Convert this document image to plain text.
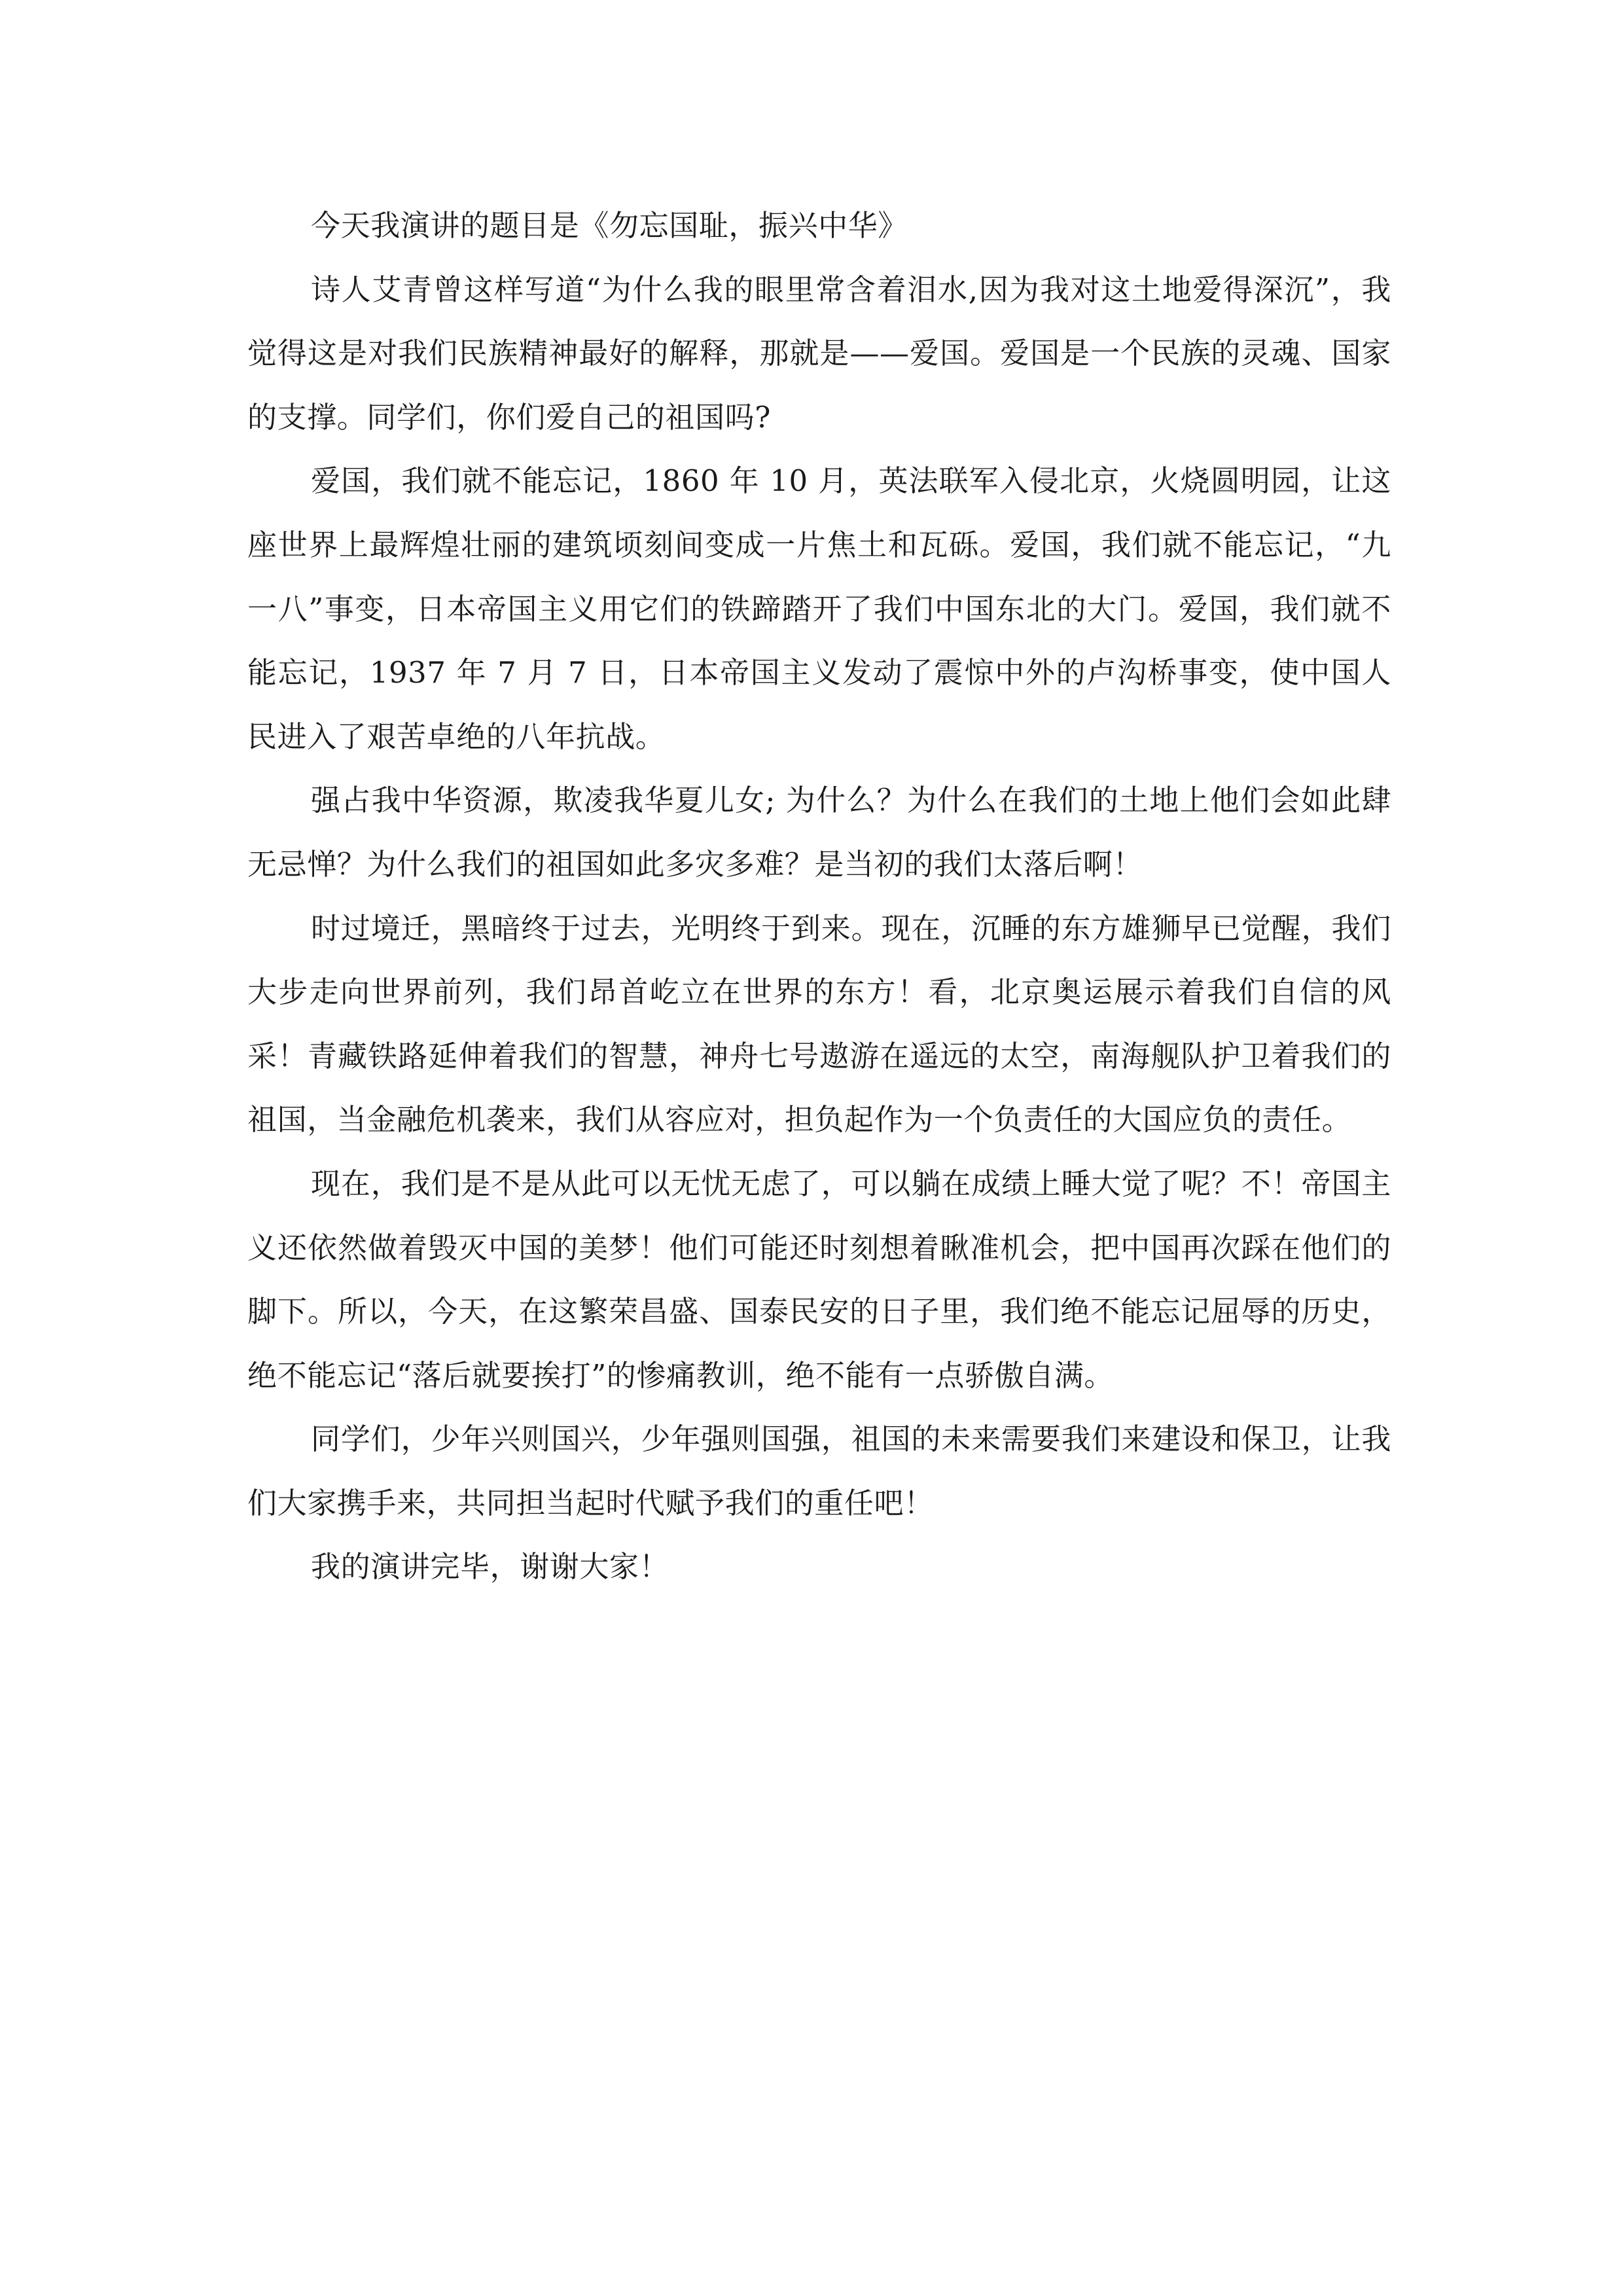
今天我演讲的题目是《勿忘国耻，振兴中华》

诗人艾青曾这样写道“为什么我的眼里常含着泪水,因为我对这土地爱得深沉”，我觉得这是对我们民族精神最好的解释，那就是——爱国。爱国是一个民族的灵魂、国家的支撑。同学们，你们爱自己的祖国吗?

爱国，我们就不能忘记，1860 年 10 月，英法联军入侵北京，火烧圆明园，让这座世界上最辉煌壮丽的建筑顷刻间变成一片焦土和瓦砾。爱国，我们就不能忘记，“九一八”事变，日本帝国主义用它们的铁蹄踏开了我们中国东北的大门。爱国，我们就不能忘记，1937 年 7 月 7 日，日本帝国主义发动了震惊中外的卢沟桥事变，使中国人民进入了艰苦卓绝的八年抗战。

强占我中华资源，欺凌我华夏儿女; 为什么？为什么在我们的土地上他们会如此肆无忌惮？为什么我们的祖国如此多灾多难？是当初的我们太落后啊！

时过境迁，黑暗终于过去，光明终于到来。现在，沉睡的东方雄狮早已觉醒，我们大步走向世界前列，我们昂首屹立在世界的东方！看，北京奥运展示着我们自信的风采！青藏铁路延伸着我们的智慧，神舟七号遨游在遥远的太空，南海舰队护卫着我们的祖国，当金融危机袭来，我们从容应对，担负起作为一个负责任的大国应负的责任。

现在，我们是不是从此可以无忧无虑了，可以躺在成绩上睡大觉了呢？不！帝国主义还依然做着毁灭中国的美梦！他们可能还时刻想着瞅准机会，把中国再次踩在他们的脚下。所以，今天，在这繁荣昌盛、国泰民安的日子里，我们绝不能忘记屈辱的历史，绝不能忘记“落后就要挨打”的惨痛教训，绝不能有一点骄傲自满。

同学们，少年兴则国兴，少年强则国强，祖国的未来需要我们来建设和保卫，让我们大家携手来，共同担当起时代赋予我们的重任吧！

我的演讲完毕，谢谢大家！
